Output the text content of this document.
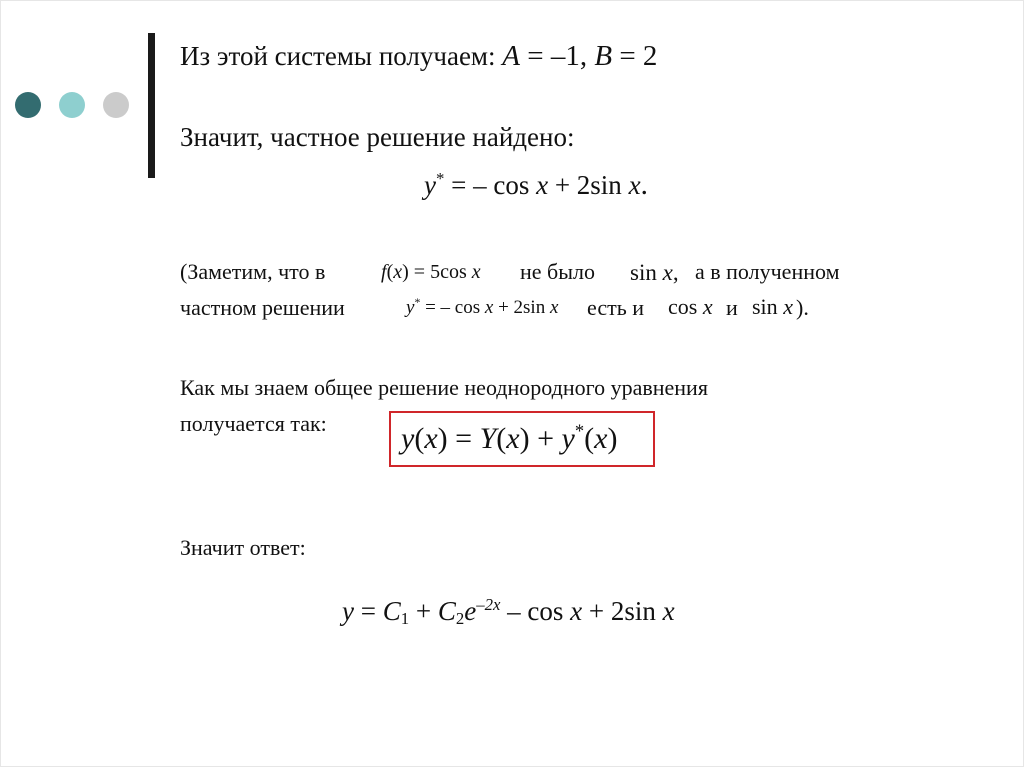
Из этой системы получаем: A = –1, B = 2
Значит, частное решение найдено:
y* = – cos x + 2sin x.
(Заметим, что в	f(x) = 5cos x не было sin x, а в полученном
частном решении	y* = – cos x + 2sin x есть и cos x и sin x ).
Как мы знаем общее решение неоднородного уравнения
получается так: y(x) = Y(x) + y*(x)
Значит ответ:
$y = C_1 + C_2e^{-2x} - \cos x + 2\sin$ x
